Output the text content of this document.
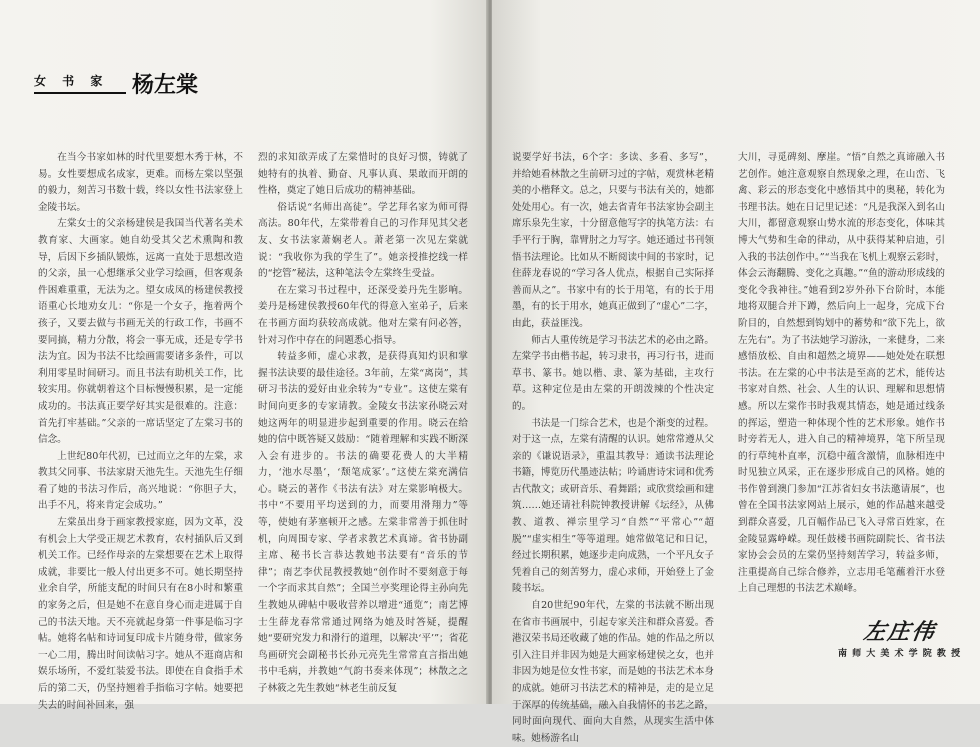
女 书 家 杨左棠

在当今书家如林的时代里要想木秀于林，不易。女性要想成名成家，更难。而杨左棠以坚强的毅力，刻苦习书数十载，终以女性书法家登上金陵书坛。

左棠女士的父亲杨建侯是我国当代著名美术教育家、大画家。她自幼受其父艺术熏陶和教导，后因下乡插队锻炼，远离一直处于思想改造的父亲，虽一心想继承父业学习绘画，但客观条件困难重重，无法为之。望女成凤的杨建侯教授语重心长地劝女儿：“你是一个女子，拖着两个孩子，又要去做与书画无关的行政工作，书画不要同搞，精力分散，将会一事无成，还是专学书法为宜。因为书法不比绘画需要诸多条件，可以利用零星时间研习。而且书法有助机关工作，比较实用。你就朝着这个目标慢慢积累，是一定能成功的。书法真正要学好其实是很难的。注意：首先打牢基础。”父亲的一席话坚定了左棠习书的信念。

上世纪80年代初，已过而立之年的左棠，求教其父同事、书法家尉天池先生。天池先生仔细看了她的书法习作后，高兴地说：“你胆子大，出手不凡，将来肯定会成功。”

左棠虽出身于画家教授家庭，因为文革，没有机会上大学受正规艺术教育，农村插队后又到机关工作。已经作母亲的左棠想要在艺术上取得成就，非要比一般人付出更多不可。她长期坚持业余自学，所能支配的时间只有在8小时和繁重的家务之后，但是她不在意自身心而走进属于自己的书法天地。天不亮就起身第一件事是临习字帖。她将名帖和诗词复印成卡片随身带，做家务一心二用，腾出时间读帖习字。她从不逛商店和娱乐场所，不爱红装爱书法。即使在自食指手术后的第二天，仍坚持翘着手指临习字帖。她要把失去的时间补回来，强

烈的求知欲弄成了左棠惜时的良好习惯，铸就了她特有的执着、勤奋、凡事认真、果敢而开朗的性格，奠定了她日后成功的精神基础。

俗话说“名师出高徒”。学艺拜名家为师可得高法。80年代，左棠带着自己的习作拜见其父老友、女书法家萧娴老人。萧老第一次见左棠就说：“我收你为我的学生了”。她亲授推挖线一样的“挖管”秘法，这种笔法令左棠终生受益。

在左棠习书过程中，还深受姜丹先生影响。姜丹是杨建侯教授60年代的得意入室弟子，后来在书画方面均获较高成就。他对左棠有问必答，针对习作中存在的问题悉心指导。

转益多师，虚心求教，是获得真知灼识和掌握书法诀要的最佳途径。3年前，左棠“离岗”，其研习书法的爱好由业余转为“专业”。这使左棠有时间向更多的专家请教。金陵女书法家孙晓云对她这两年的明显进步起到重要的作用。晓云在给她的信中既答疑又鼓励：“随着理解和实践不断深入会有进步的。书法的确要花费人的大半精力，‘池水尽墨’，‘颓笔成冢’。”这使左棠充满信心。晓云的著作《书法有法》对左棠影响极大。书中“不要用平均送到的力，而要用滑翔力”等等，使她有茅塞顿开之感。左棠非常善于抓住时机，向周围专家、学者求教艺术真谛。省书协副主席、秘书长言恭达教她书法要有“音乐的节律”；南艺李伏昆教授教她“创作时不要刻意于每一个字而求其自然”；全国兰亭奖理论得主孙向先生教她从碑帖中吸收营养以增进“通览”；南艺博士生薛龙春常常通过网络为她及时答疑，提醒她“要研究发力和滑行的道理，以解决‘平’”；省花鸟画研究会副秘书长孙元亮先生常常直言指出她书中毛病，并教她“气韵书奏来体现”；林散之之子林筱之先生教她“林老生前反复

说要学好书法，6个字：多读、多看、多写”，并给她看林散之生前研习过的字帖，观赏林老精美的小楷释文。总之，只要与书法有关的，她都处处用心。有一次，她去省青年书法家协会副主席乐泉先生家，十分留意他写字的执笔方法：右手平行于胸，靠臂肘之力写字。她还通过书刊领悟书法理论。比如从不断阅读中间的书家时，记住薛龙春说的“学习各人优点，根据自己实际择善而从之”。书家中有的长于用笔，有的长于用墨，有的长于用水，她真正做到了“虚心”二字，由此，获益匪浅。

师古人重传统是学习书法艺术的必由之路。左棠学书由楷书起，转习隶书，再习行书，进而草书、篆书。她以楷、隶、篆为基础，主攻行草。这种定位是由左棠的开朗泼辣的个性决定的。

书法是一门综合艺术，也是个渐变的过程。对于这一点，左棠有清醒的认识。她常常遵从父亲的《谦说语录》，重温其教导：通读书法理论书籍，博览历代墨迹法帖；吟诵唐诗宋词和优秀古代散文；或研音乐、看舞蹈；或欣赏绘画和建筑……她还请社科院钟教授讲解《坛经》，从佛教、道教、禅宗里学习“自然”“平常心”“超脱”“虚实相生”等等道理。她常做笔记和日记，经过长期积累，她逐步走向成熟，一个平凡女子凭着自己的刻苦努力，虚心求师，开始登上了金陵书坛。

自20世纪90年代，左棠的书法就不断出现在省市书画展中，引起专家关注和群众喜爱。香港汉荣书局还收藏了她的作品。她的作品之所以引入注目并非因为她是大画家杨建侯之女，也并非因为她是位女性书家，而是她的书法艺术本身的成就。她研习书法艺术的精神是，走的是立足于深厚的传统基础，融入自我情怀的书艺之路，同时面向现代、面向大自然，从现实生活中体味。她杨游名山

大川，寻觅碑刻、摩崖。“悟”自然之真谛融入书艺创作。她注意观察自然现象之理，在山峦、飞禽、彩云的形态变化中感悟其中的奥秘，转化为书理书法。她在日记里记述：“凡是我深入到名山大川，都留意观察山势水流的形态变化，体味其博大气势和生命的律动，从中获得某种启迪，引入我的书法创作中。”“当我在飞机上观察云彩时，体会云海翻腾、变化之真趣。”“鱼的游动形成线的变化令我神往。”她看到2岁外孙下台阶时，本能地将双腿合并下蹲，然后向上一起身，完成下台阶目的，自然想到钩划中的蓄势和“欲下先上，欲左先右”。为了书法她学习游泳，一来健身，二来感悟放松、自由和超然之境界——她处处在联想书法。在左棠的心中书法是至高的艺术，能传达书家对自然、社会、人生的认识、理解和思想情感。所以左棠作书时我观其情态，她是通过线条的挥运，塑造一种体现个性的艺术形象。她作书时旁若无人，进入自己的精神境界，笔下所呈现的行草纯朴直率，沉稳中蕴含激情，血脉相连中时见独立风采，正在逐步形成自己的风格。她的书作曾到澳门参加“江苏省妇女书法邀请展”，也曾在全国书法家网站上展示，她的作品越来越受到群众喜爱，几百幅作品已飞入寻常百姓家，在金陵显露峥嵘。现任鼓楼书画院副院长、省书法家协会会员的左棠仍坚持刻苦学习，转益多师，注重提高自己综合修养，立志用毛笔蘸着汗水登上自己理想的书法艺术巅峰。

左庄伟
南 师 大 美 术 学 院 教 授
